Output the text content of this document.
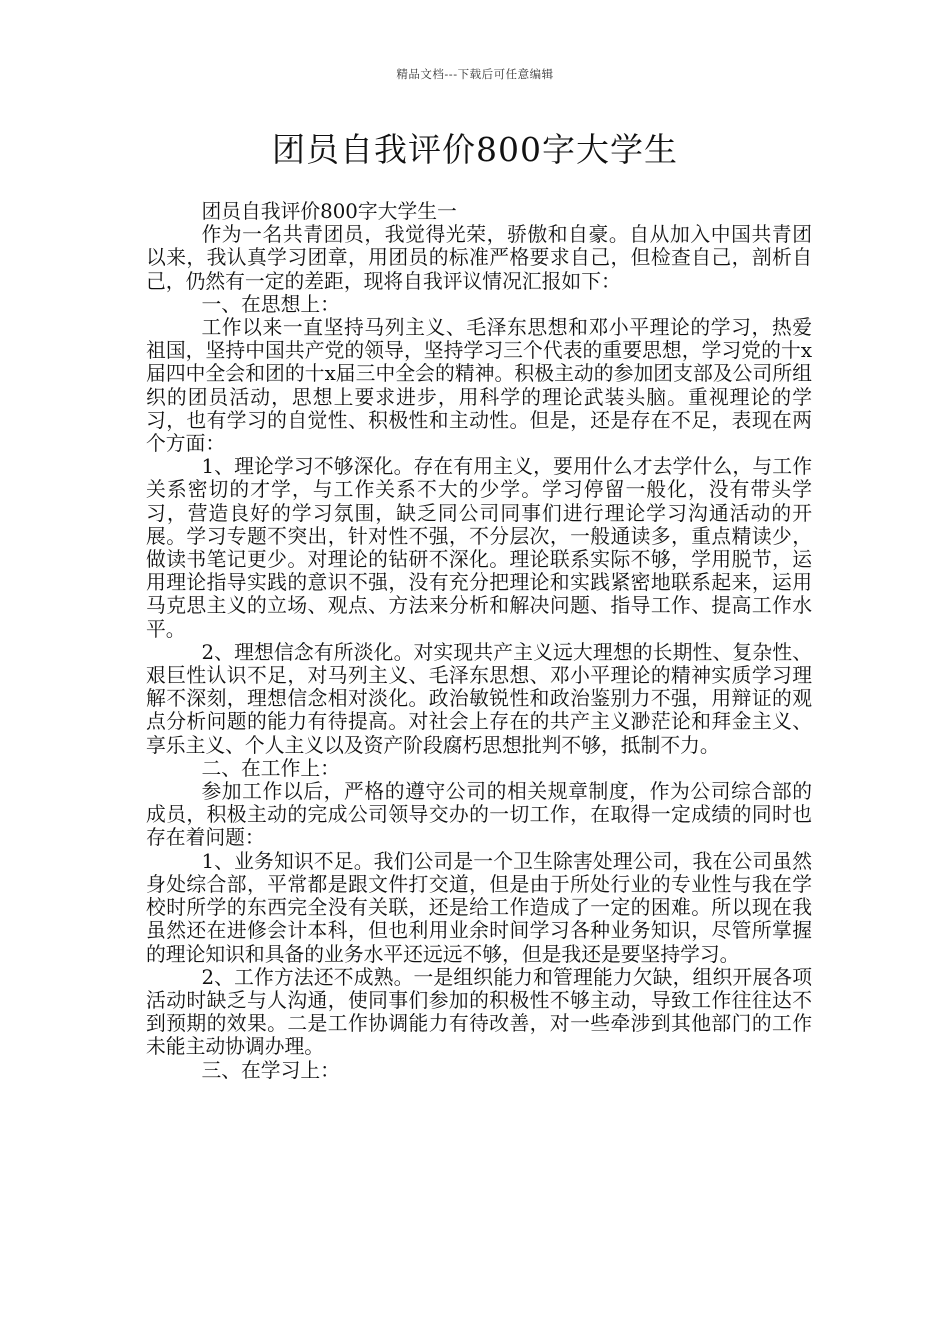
精品文档---下载后可任意编辑
团员自我评价800字大学生

团员自我评价800字大学生一

作为一名共青团员，我觉得光荣，骄傲和自豪。自从加入中国共青团以来，我认真学习团章，用团员的标准严格要求自己，但检查自己，剖析自己，仍然有一定的差距，现将自我评议情况汇报如下：

一、在思想上：

工作以来一直坚持马列主义、毛泽东思想和邓小平理论的学习，热爱祖国，坚持中国共产党的领导，坚持学习三个代表的重要思想，学习党的十x届四中全会和团的十x届三中全会的精神。积极主动的参加团支部及公司所组织的团员活动，思想上要求进步，用科学的理论武装头脑。重视理论的学习，也有学习的自觉性、积极性和主动性。但是，还是存在不足，表现在两个方面：

1、理论学习不够深化。存在有用主义，要用什么才去学什么，与工作关系密切的才学，与工作关系不大的少学。学习停留一般化，没有带头学习，营造良好的学习氛围，缺乏同公司同事们进行理论学习沟通活动的开展。学习专题不突出，针对性不强，不分层次，一般通读多，重点精读少，做读书笔记更少。对理论的钻研不深化。理论联系实际不够，学用脱节，运用理论指导实践的意识不强，没有充分把理论和实践紧密地联系起来，运用马克思主义的立场、观点、方法来分析和解决问题、指导工作、提高工作水平。

2、理想信念有所淡化。对实现共产主义远大理想的长期性、复杂性、艰巨性认识不足，对马列主义、毛泽东思想、邓小平理论的精神实质学习理解不深刻，理想信念相对淡化。政治敏锐性和政治鉴别力不强，用辩证的观点分析问题的能力有待提高。对社会上存在的共产主义渺茫论和拜金主义、享乐主义、个人主义以及资产阶段腐朽思想批判不够，抵制不力。

二、在工作上：

参加工作以后，严格的遵守公司的相关规章制度，作为公司综合部的成员，积极主动的完成公司领导交办的一切工作，在取得一定成绩的同时也存在着问题：

1、业务知识不足。我们公司是一个卫生除害处理公司，我在公司虽然身处综合部，平常都是跟文件打交道，但是由于所处行业的专业性与我在学校时所学的东西完全没有关联，还是给工作造成了一定的困难。所以现在我虽然还在进修会计本科，但也利用业余时间学习各种业务知识，尽管所掌握的理论知识和具备的业务水平还远远不够，但是我还是要坚持学习。

2、工作方法还不成熟。一是组织能力和管理能力欠缺，组织开展各项活动时缺乏与人沟通，使同事们参加的积极性不够主动，导致工作往往达不到预期的效果。二是工作协调能力有待改善，对一些牵涉到其他部门的工作未能主动协调办理。

三、在学习上：
